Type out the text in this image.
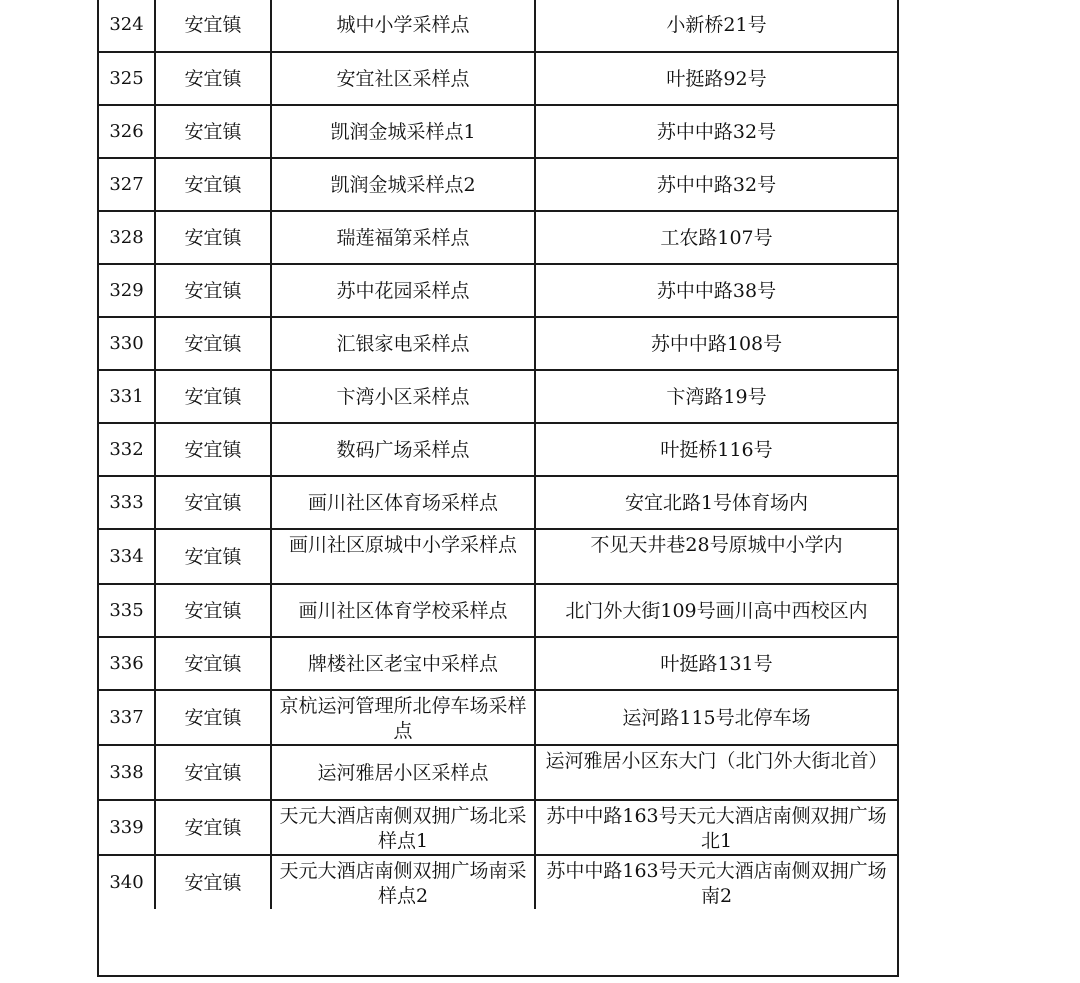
324	安宜镇	城中小学采样点	小新桥21号
325	安宜镇	安宜社区采样点	叶挺路92号
326	安宜镇	凯润金城采样点1	苏中中路32号
327	安宜镇	凯润金城采样点2	苏中中路32号
328	安宜镇	瑞莲福第采样点	工农路107号
329	安宜镇	苏中花园采样点	苏中中路38号
330	安宜镇	汇银家电采样点	苏中中路108号
331	安宜镇	卞湾小区采样点	卞湾路19号
332	安宜镇	数码广场采样点	叶挺桥116号
333	安宜镇	画川社区体育场采样点	安宜北路1号体育场内
334	安宜镇	画川社区原城中小学采样点	不见天井巷28号原城中小学内

335	安宜镇	画川社区体育学校采样点	北门外大街109号画川高中西校区内
336	安宜镇	牌楼社区老宝中采样点	叶挺路131号
337	安宜镇	京杭运河管理所北停车场采样点	运河路115号北停车场
338	安宜镇	运河雅居小区采样点	运河雅居小区东大门（北门外大街北首）

339	安宜镇	天元大酒店南侧双拥广场北采样点1	苏中中路163号天元大酒店南侧双拥广场北1

340	安宜镇	天元大酒店南侧双拥广场南采样点2	苏中中路163号天元大酒店南侧双拥广场南2
